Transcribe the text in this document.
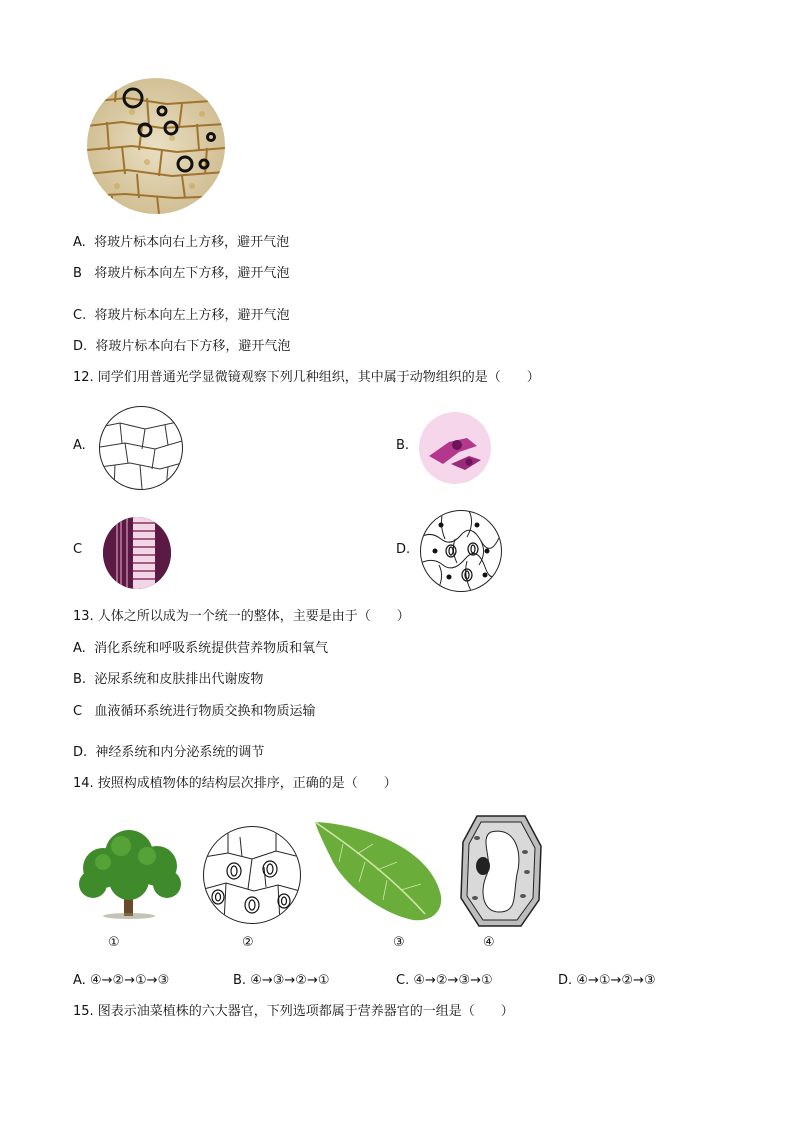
A. 将玻片标本向右上方移，避开气泡
B 将玻片标本向左下方移，避开气泡
C. 将玻片标本向左上方移，避开气泡
D. 将玻片标本向右下方移，避开气泡
12. 同学们用普通光学显微镜观察下列几种组织，其中属于动物组织的是（　　）
A.	B.
C	D.
13. 人体之所以成为一个统一的整体，主要是由于（　　）
A. 消化系统和呼吸系统提供营养物质和氧气
B. 泌尿系统和皮肤排出代谢废物
C 血液循环系统进行物质交换和物质运输
D. 神经系统和内分泌系统的调节
14. 按照构成植物体的结构层次排序，正确的是（　　）
①	②	③	④
A. ④→②→①→③	B. ④→③→②→①	C. ④→②→③→①	D. ④→①→②→③
15. 图表示油菜植株的六大器官，下列选项都属于营养器官的一组是（　　）
